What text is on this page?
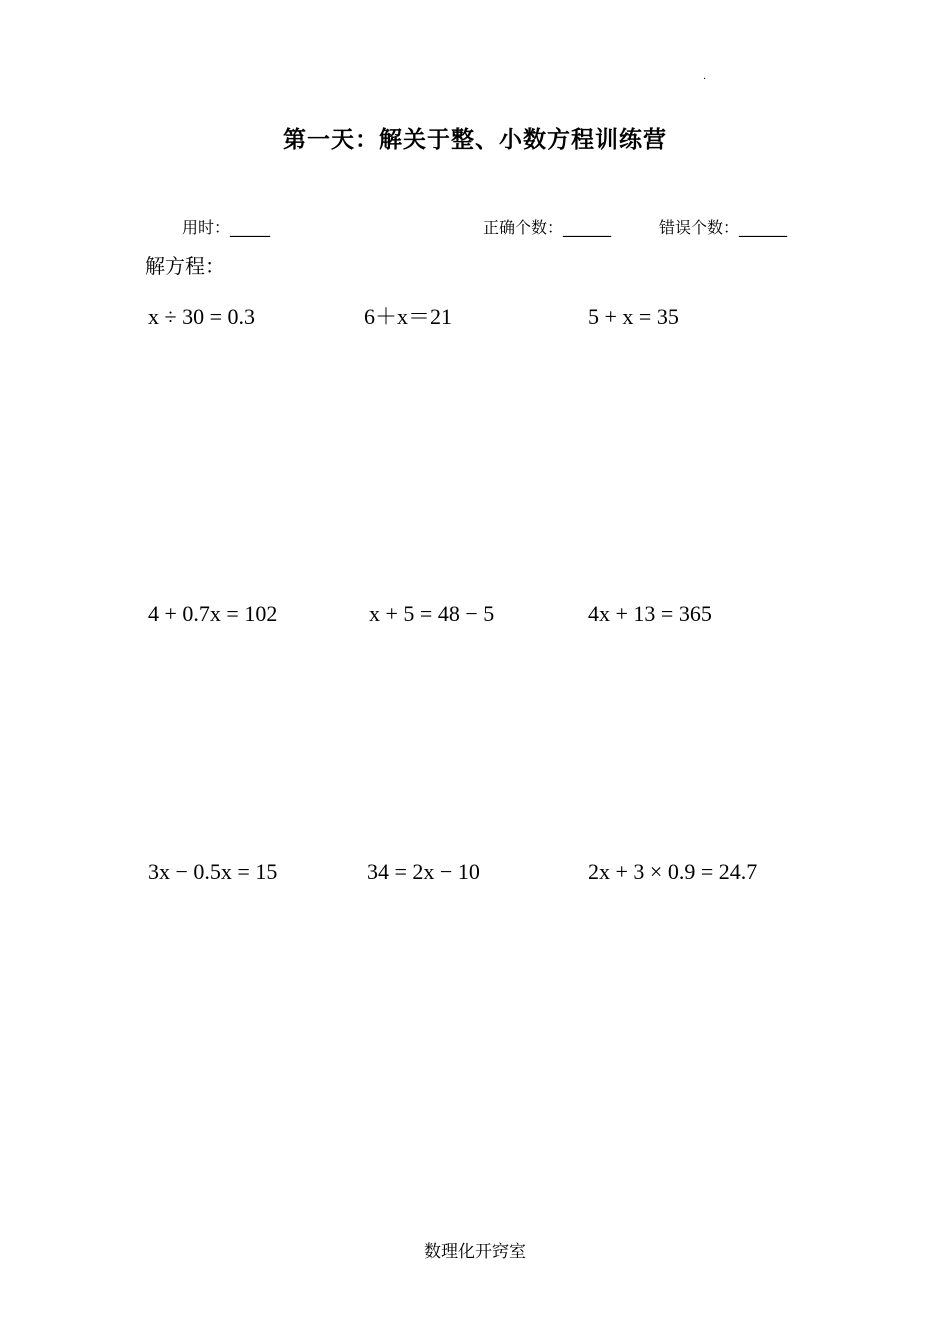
.
第一天：解关于整、小数方程训练营
用时：_____	正确个数：______	错误个数：______
解方程：
x ÷ 30 = 0.3	6＋x＝21	5 + x = 35
4 + 0.7x = 102	x + 5 = 48 − 5	4x + 13 = 365
3x − 0.5x = 15	34 = 2x − 10	2x + 3 × 0.9 = 24.7
数理化开窍室
